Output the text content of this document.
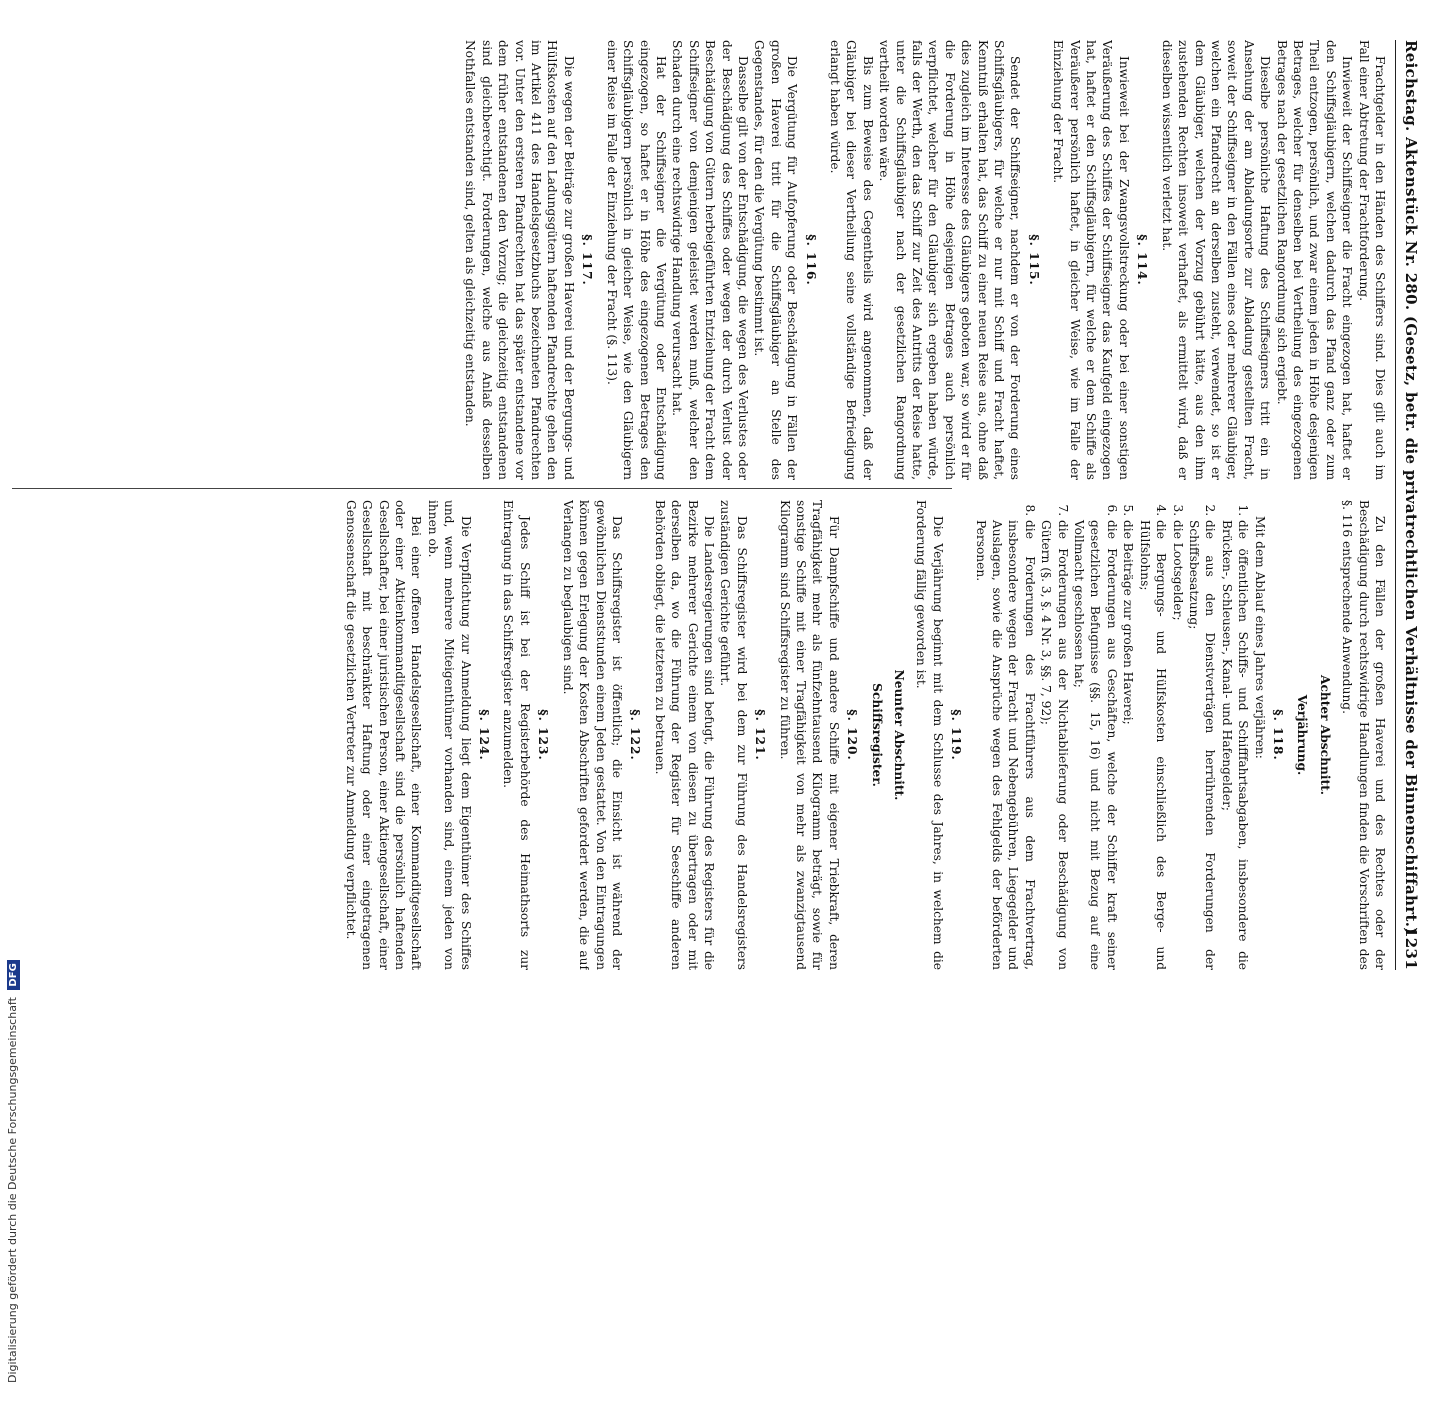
Reichstag. Aktenstück Nr. 280. (Gesetz, betr. die privatrechtlichen Verhältnisse der Binnenschiffahrt.)
1231

Frachtgelder in den Händen des Schiffers sind. Dies gilt auch im Fall einer Abtretung der Frachtforderung.

Inwieweit der Schiffseigner die Fracht eingezogen hat, haftet er den Schiffsgläubigern, welchen dadurch das Pfand ganz oder zum Theil entzogen, persönlich, und zwar einem jeden in Höhe desjenigen Betrages, welcher für denselben bei Vertheilung des eingezogenen Betrages nach der gesetzlichen Rangordnung sich ergiebt.

Dieselbe persönliche Haftung des Schiffseigners tritt ein in Ansehung der am Abladungsorte zur Abladung gestellten Fracht, soweit der Schiffseigner in den Fällen eines oder mehrerer Gläubiger, welchen ein Pfandrecht an derselben zusteht, verwendet, so ist er dem Gläubiger, welchen der Vorzug gebührt hätte, aus den ihm zustehenden Rechten insoweit verhaftet, als ermittelt wird, daß er dieselben wissentlich verletzt hat.

§. 114.

Inwieweit bei der Zwangsvollstreckung oder bei einer sonstigen Veräußerung des Schiffes der Schiffseigner das Kaufgeld eingezogen hat, haftet er den Schiffsgläubigern, für welche er dem Schiffe als Veräußerer persönlich haftet, in gleicher Weise, wie im Falle der Einziehung der Fracht.

§. 115.

Sendet der Schiffseigner, nachdem er von der Forderung eines Schiffsgläubigers, für welche er nur mit Schiff und Fracht haftet, Kenntniß erhalten hat, das Schiff zu einer neuen Reise aus, ohne daß dies zugleich im Interesse des Gläubigers geboten war, so wird er für die Forderung in Höhe desjenigen Betrages auch persönlich verpflichtet, welcher für den Gläubiger sich ergeben haben würde, falls der Werth, den das Schiff zur Zeit des Antritts der Reise hatte, unter die Schiffsgläubiger nach der gesetzlichen Rangordnung vertheilt worden wäre.

Bis zum Beweise des Gegentheils wird angenommen, daß der Gläubiger bei dieser Vertheilung seine vollständige Befriedigung erlangt haben würde.

§. 116.

Die Vergütung für Aufopferung oder Beschädigung in Fällen der großen Haverei tritt für die Schiffsgläubiger an Stelle des Gegenstandes, für den die Vergütung bestimmt ist.

Dasselbe gilt von der Entschädigung, die wegen des Verlustes oder der Beschädigung des Schiffes oder wegen der durch Verlust oder Beschädigung von Gütern herbeigeführten Entziehung der Fracht dem Schiffseigner von demjenigen geleistet werden muß, welcher den Schaden durch eine rechtswidrige Handlung verursacht hat.

Hat der Schiffseigner die Vergütung oder Entschädigung eingezogen, so haftet er in Höhe des eingezogenen Betrages den Schiffsgläubigern persönlich in gleicher Weise, wie den Gläubigern einer Reise im Falle der Einziehung der Fracht (§. 113).

§. 117.

Die wegen der Beiträge zur großen Haverei und der Bergungs- und Hülfskosten auf den Ladungsgütern haftenden Pfandrechte gehen den im Artikel 411 des Handelsgesetzbuchs bezeichneten Pfandrechten vor. Unter den ersteren Pfandrechten hat das später entstandene vor dem früher entstandenen den Vorzug; die gleichzeitig entstandenen sind gleichberechtigt. Forderungen, welche aus Anlaß desselben Nothfalles entstanden sind, gelten als gleichzeitig entstanden.

Zu den Fällen der großen Haverei und des Rechtes oder der Beschädigung durch rechtswidrige Handlungen finden die Vorschriften des §. 116 entsprechende Anwendung.

Achter Abschnitt.

Verjährung.

§. 118.

Mit dem Ablauf eines Jahres verjähren:

1. die öffentlichen Schiffs- und Schifffahrtsabgaben, insbesondere die Brücken-, Schleusen-, Kanal- und Hafengelder;
2. die aus den Dienstverträgen herrührenden Forderungen der Schiffsbesatzung;
3. die Lootsgelder;
4. die Bergungs- und Hülfskosten einschließlich des Berge- und Hülfslohns;
5. die Beiträge zur großen Haverei;
6. die Forderungen aus Geschäften, welche der Schiffer kraft seiner gesetzlichen Befugnisse (§§. 15, 16) und nicht mit Bezug auf eine Vollmacht geschlossen hat;
7. die Forderungen aus der Nichtablieferung oder Beschädigung von Gütern (§. 3, §. 4 Nr. 3, §§. 7, 92);
8. die Forderungen des Frachtführers aus dem Frachtvertrag, insbesondere wegen der Fracht und Nebengebühren, Liegegelder und Auslagen, sowie die Ansprüche wegen des Fehlgelds der beförderten Personen.

§. 119.

Die Verjährung beginnt mit dem Schlusse des Jahres, in welchem die Forderung fällig geworden ist.

Neunter Abschnitt.

Schiffsregister.

§. 120.

Für Dampfschiffe und andere Schiffe mit eigener Triebkraft, deren Tragfähigkeit mehr als fünfzehntausend Kilogramm beträgt, sowie für sonstige Schiffe mit einer Tragfähigkeit von mehr als zwanzigtausend Kilogramm sind Schiffsregister zu führen.

§. 121.

Das Schiffsregister wird bei dem zur Führung des Handelsregisters zuständigen Gerichte geführt.

Die Landesregierungen sind befugt, die Führung des Registers für die Bezirke mehrerer Gerichte einem von diesen zu übertragen oder mit derselben da, wo die Führung der Register für Seeschiffe anderen Behörden obliegt, die letzteren zu betrauen.

§. 122.

Das Schiffsregister ist öffentlich; die Einsicht ist während der gewöhnlichen Dienststunden einem Jeden gestattet. Von den Eintragungen können gegen Erlegung der Kosten Abschriften gefordert werden, die auf Verlangen zu beglaubigen sind.

§. 123.

Jedes Schiff ist bei der Registerbehörde des Heimathsorts zur Eintragung in das Schiffsregister anzumelden.

§. 124.

Die Verpflichtung zur Anmeldung liegt dem Eigenthümer des Schiffes und, wenn mehrere Miteigenthümer vorhanden sind, einem jeden von ihnen ob.

Bei einer offenen Handelsgesellschaft, einer Kommanditgesellschaft oder einer Aktienkommanditgesellschaft sind die persönlich haftenden Gesellschafter, bei einer juristischen Person, einer Aktiengesellschaft, einer Gesellschaft mit beschränkter Haftung oder einer eingetragenen Genossenschaft die gesetzlichen Vertreter zur Anmeldung verpflichtet.

Digitalisierung gefördert durch die Deutsche Forschungsgemeinschaft DFG
